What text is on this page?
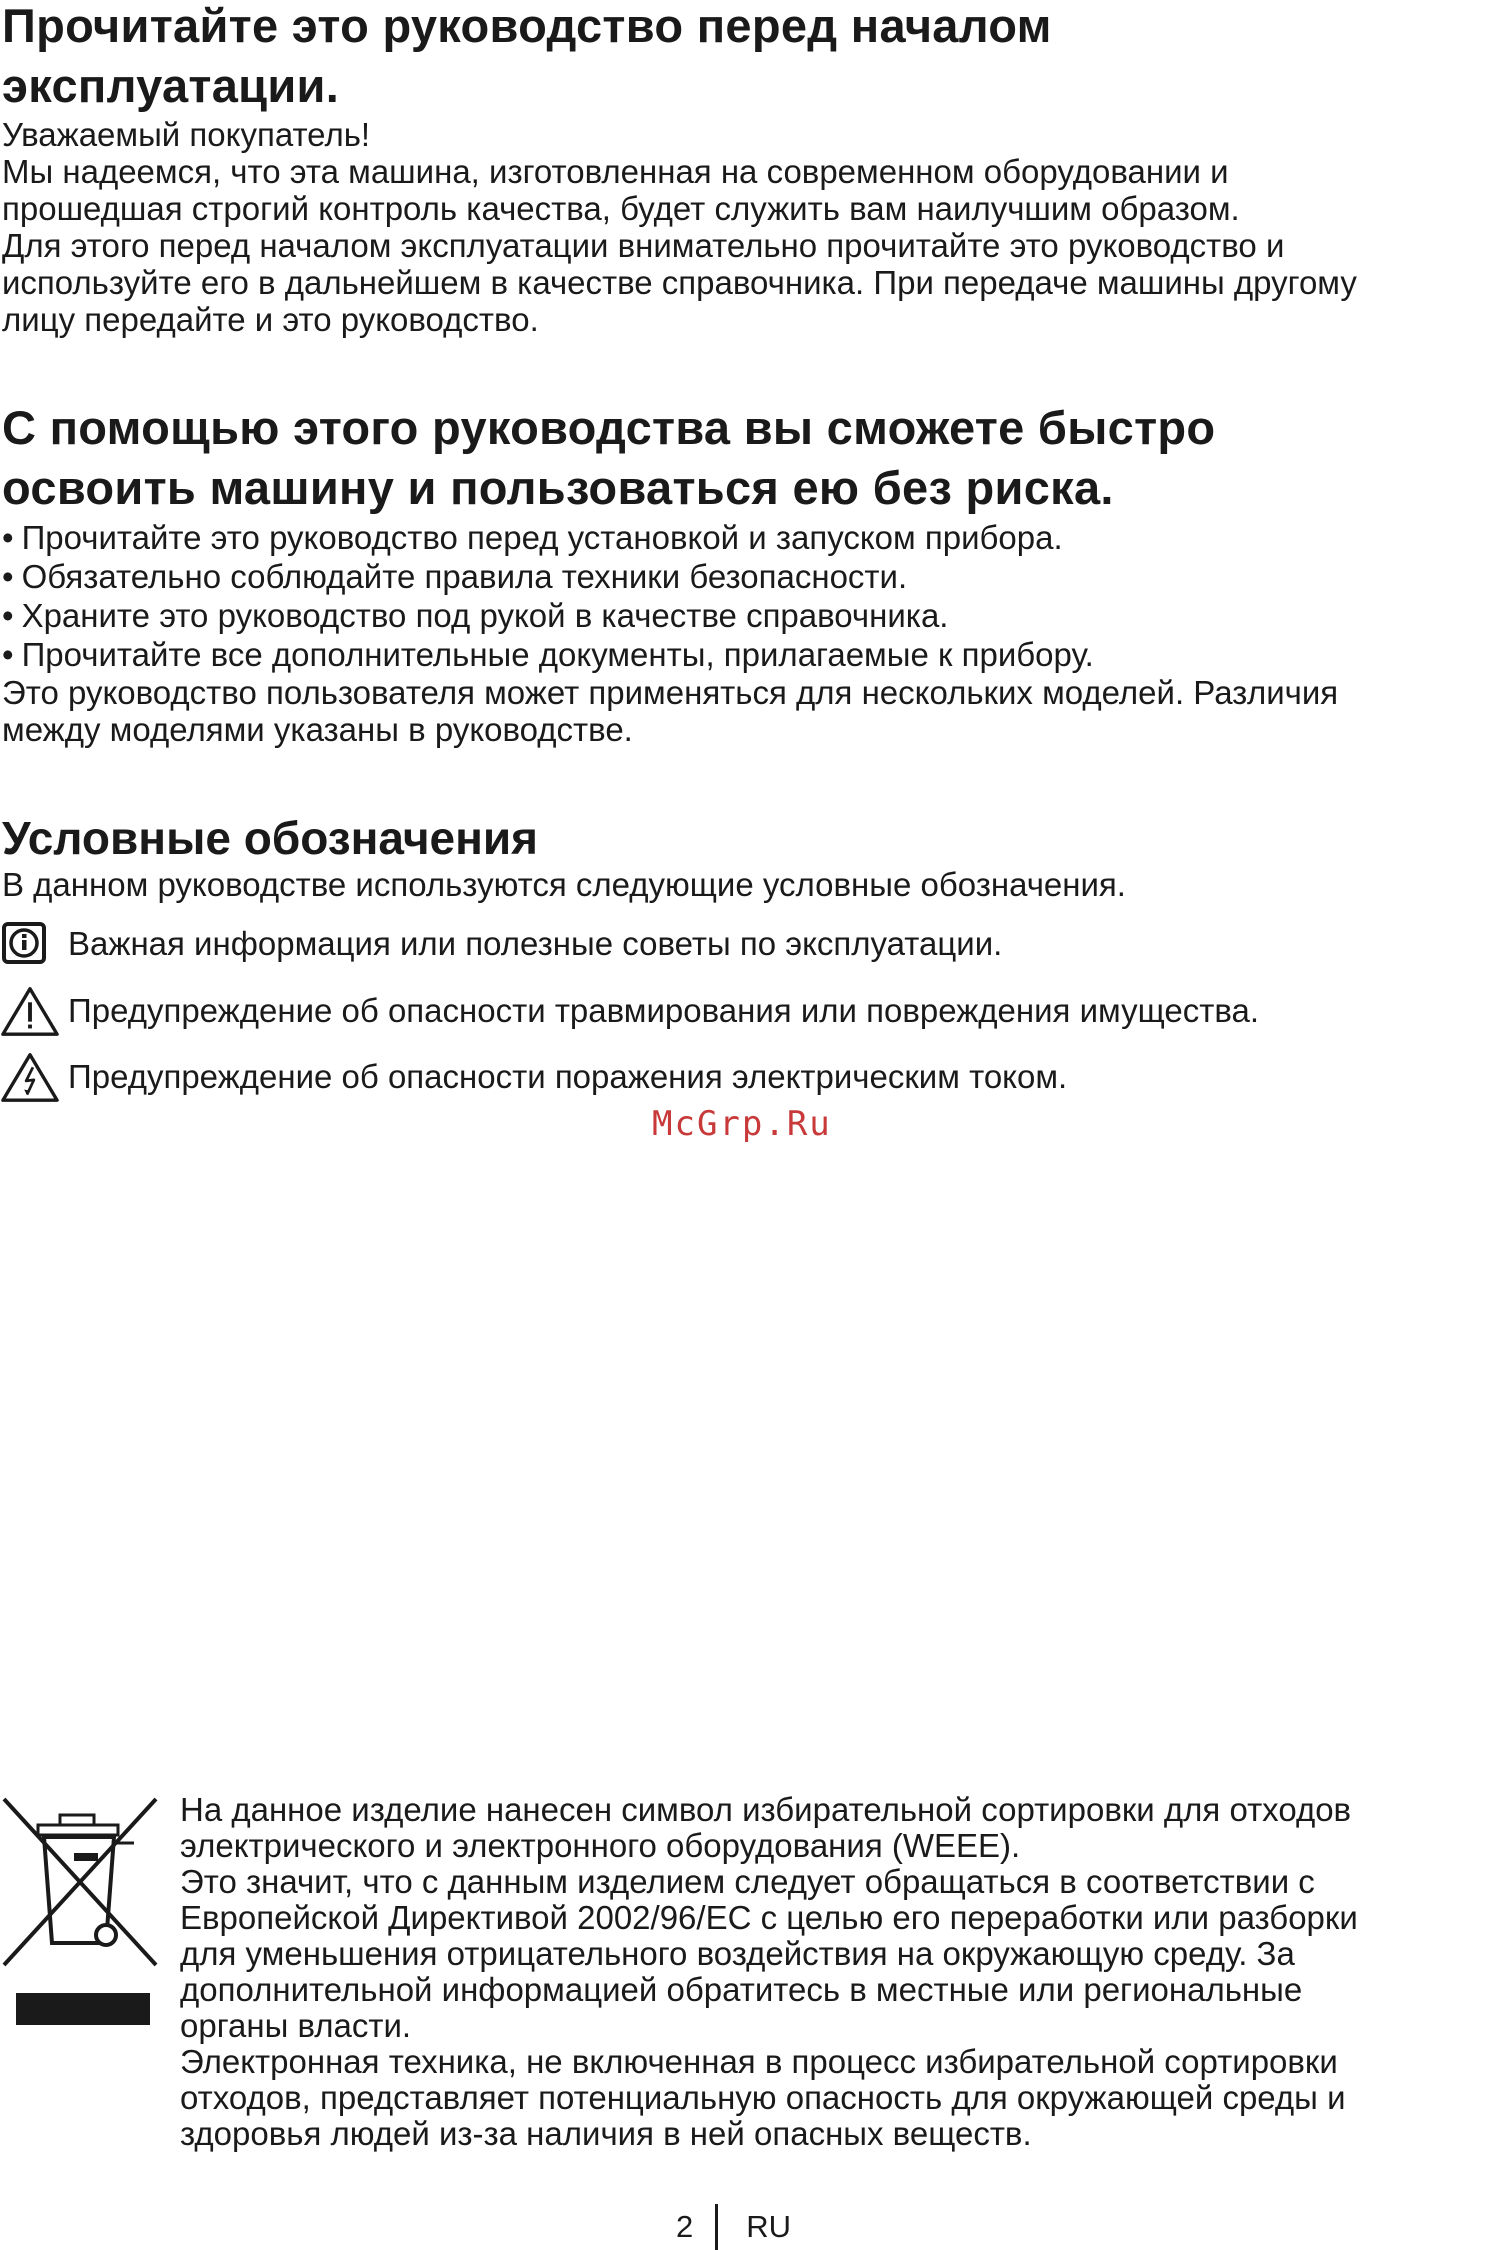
Прочитайте это руководство перед началом
эксплуатации.

Уважаемый покупатель!

Мы надеемся, что эта машина, изготовленная на современном оборудовании и
прошедшая строгий контроль качества, будет служить вам наилучшим образом.

Для этого перед началом эксплуатации внимательно прочитайте это руководство и
используйте его в дальнейшем в качестве справочника. При передаче машины другому
лицу передайте и это руководство.

С помощью этого руководства вы сможете быстро
освоить машину и пользоваться ею без риска.
• Прочитайте это руководство перед установкой и запуском прибора.
• Обязательно соблюдайте правила техники безопасности.
• Храните это руководство под рукой в качестве справочника.
• Прочитайте все дополнительные документы, прилагаемые к прибору.

Это руководство пользователя может применяться для нескольких моделей. Различия
между моделями указаны в руководстве.

Условные обозначения

В данном руководстве используются следующие условные обозначения.

Важная информация или полезные советы по эксплуатации.
Предупреждение об опасности травмирования или повреждения имущества.
Предупреждение об опасности поражения электрическим током.
McGrp.Ru

На данное изделие нанесен символ избирательной сортировки для отходов
электрического и электронного оборудования (WEEE).

Это значит, что с данным изделием следует обращаться в соответствии с
Европейской Директивой 2002/96/EC с целью его переработки или разборки
для уменьшения отрицательного воздействия на окружающую среду. За
дополнительной информацией обратитесь в местные или региональные
органы власти.

Электронная техника, не включенная в процесс избирательной сортировки
отходов, представляет потенциальную опасность для окружающей среды и
здоровья людей из-за наличия в ней опасных веществ.

2 RU
